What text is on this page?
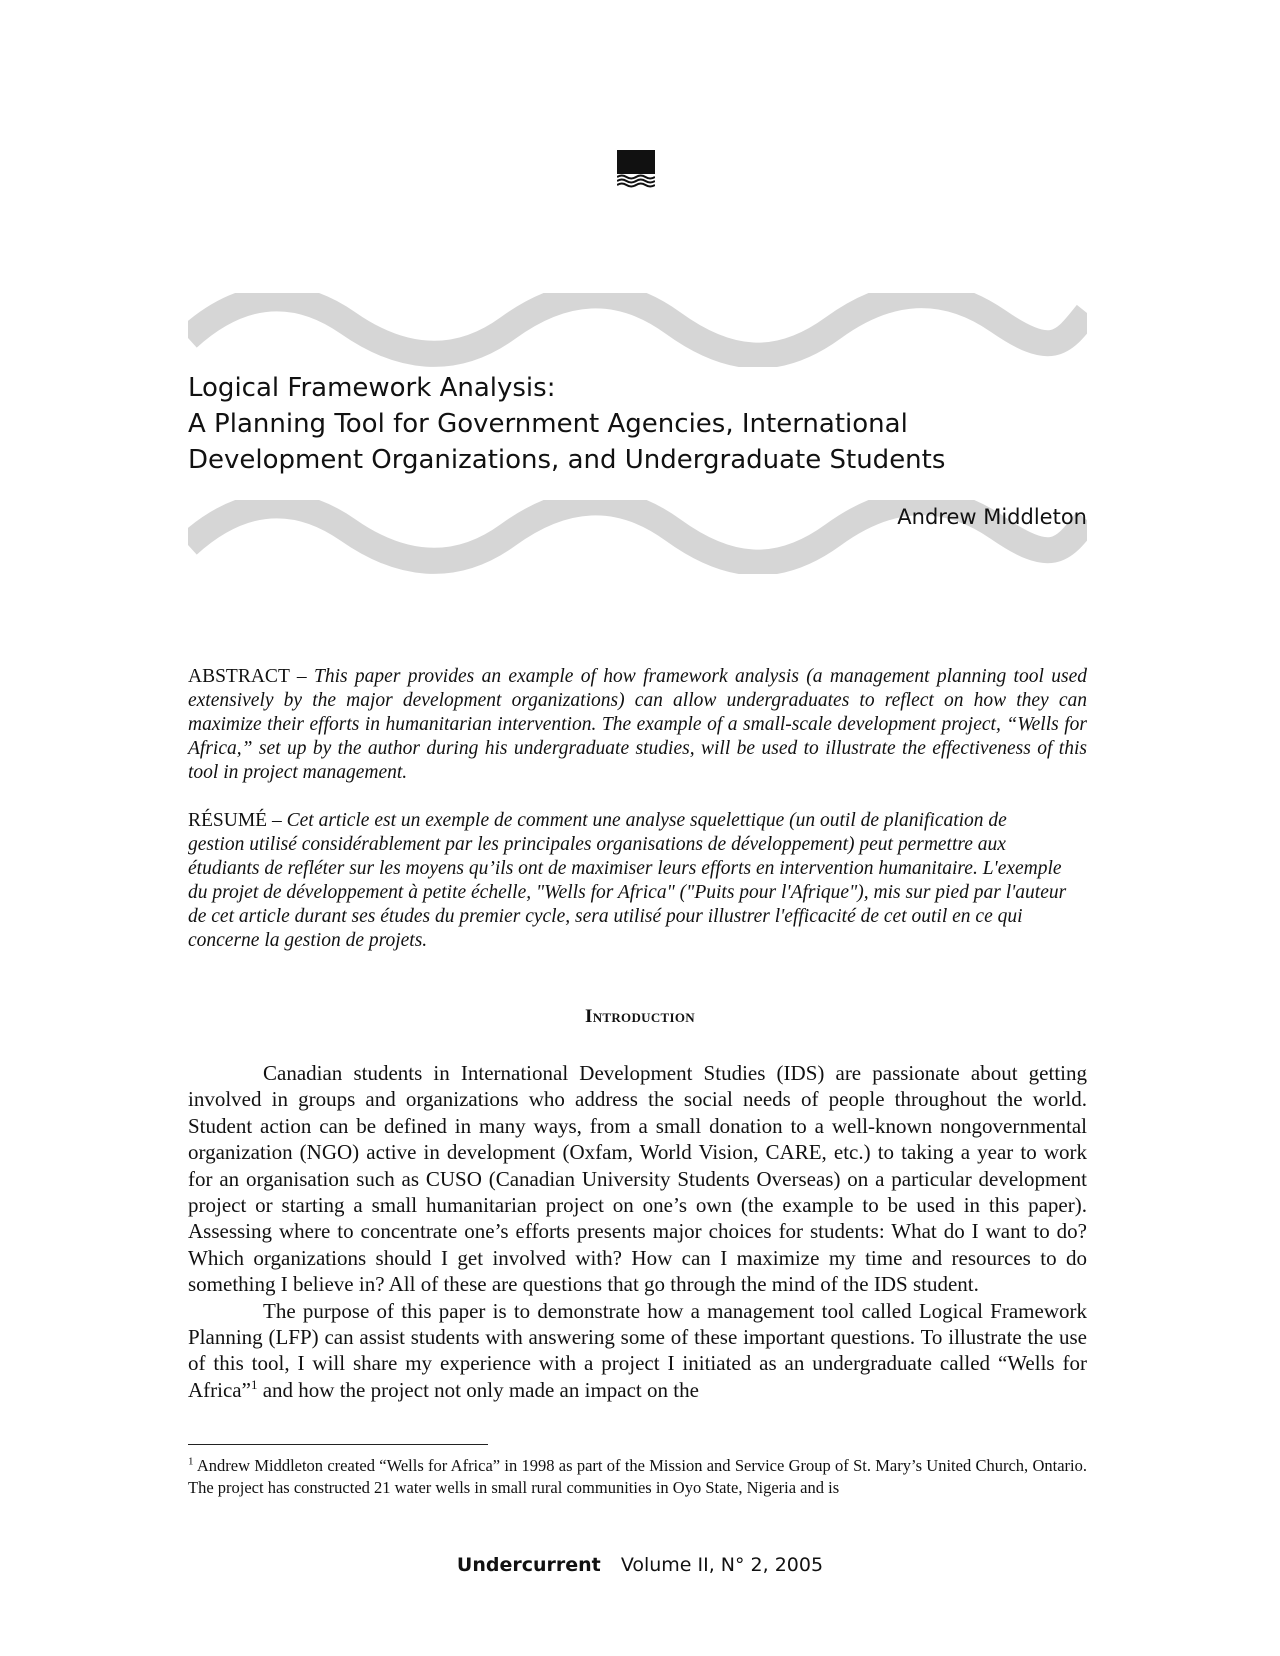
Logical Framework Analysis:
A Planning Tool for Government Agencies, International
Development Organizations, and Undergraduate Students
Andrew Middleton

ABSTRACT – This paper provides an example of how framework analysis (a management planning tool used extensively by the major development organizations) can allow undergraduates to reflect on how they can maximize their efforts in humanitarian intervention. The example of a small-scale development project, “Wells for Africa,” set up by the author during his undergraduate studies, will be used to illustrate the effectiveness of this tool in project management.

RÉSUMÉ – Cet article est un exemple de comment une analyse squelettique (un outil de planification de gestion utilisé considérablement par les principales organisations de développement) peut permettre aux étudiants de refléter sur les moyens qu’ils ont de maximiser leurs efforts en intervention humanitaire. L'exemple du projet de développement à petite échelle, "Wells for Africa" ("Puits pour l'Afrique"), mis sur pied par l'auteur de cet article durant ses études du premier cycle, sera utilisé pour illustrer l'efficacité de cet outil en ce qui concerne la gestion de projets.

Introduction

Canadian students in International Development Studies (IDS) are passionate about getting involved in groups and organizations who address the social needs of people throughout the world. Student action can be defined in many ways, from a small donation to a well-known nongovernmental organization (NGO) active in development (Oxfam, World Vision, CARE, etc.) to taking a year to work for an organisation such as CUSO (Canadian University Students Overseas) on a particular development project or starting a small humanitarian project on one’s own (the example to be used in this paper). Assessing where to concentrate one’s efforts presents major choices for students: What do I want to do? Which organizations should I get involved with? How can I maximize my time and resources to do something I believe in? All of these are questions that go through the mind of the IDS student.

The purpose of this paper is to demonstrate how a management tool called Logical Framework Planning (LFP) can assist students with answering some of these important questions. To illustrate the use of this tool, I will share my experience with a project I initiated as an undergraduate called “Wells for Africa”$^1$ and how the project not only made an impact on the

$^1$ Andrew Middleton created “Wells for Africa” in 1998 as part of the Mission and Service Group of St. Mary’s United Church, Ontario. The project has constructed 21 water wells in small rural communities in Oyo State, Nigeria and is

Undercurrent Volume II, N° 2, 2005
